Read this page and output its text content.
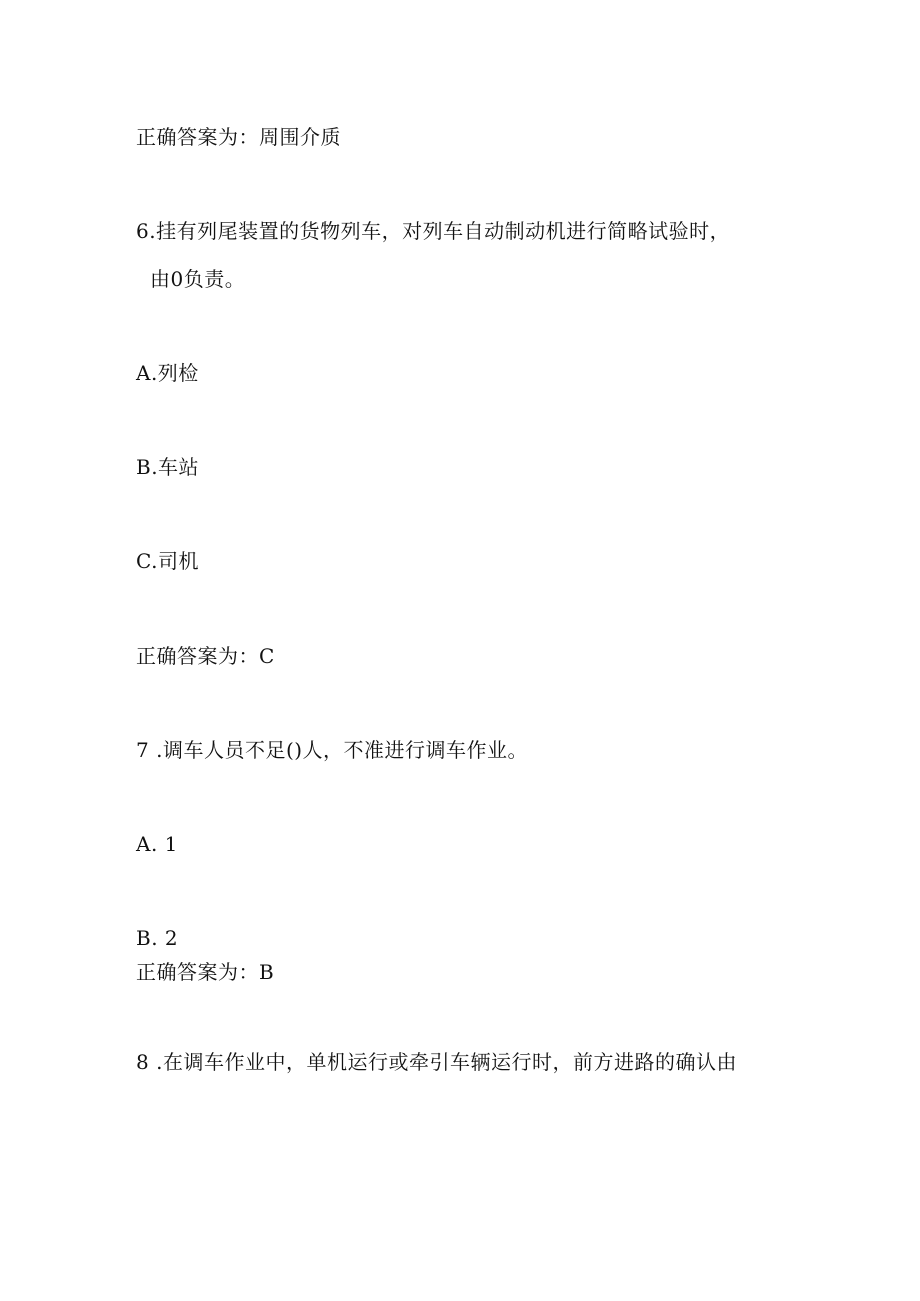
正确答案为：周围介质
6.挂有列尾装置的货物列车，对列车自动制动机进行简略试验时，
由0负责。
A.列检
B.车站
C.司机
正确答案为：C
7 .调车人员不足()人，不准进行调车作业。
A. 1
B. 2
正确答案为：B
8 .在调车作业中，单机运行或牵引车辆运行时，前方进路的确认由
